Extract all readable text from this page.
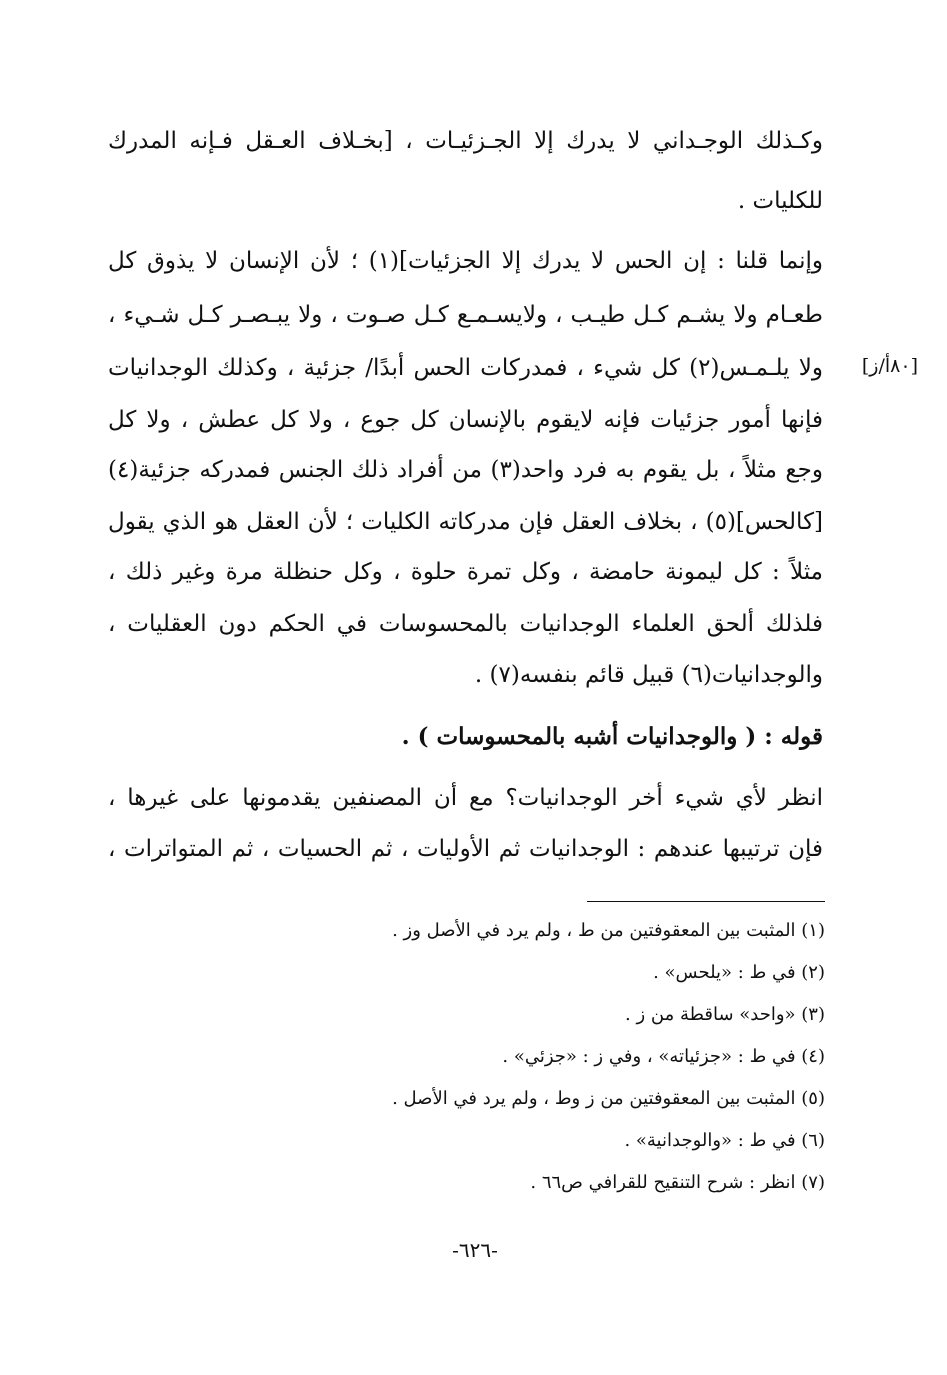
وكـذلك الوجـداني لا يدرك إلا الجـزئيـات ، [بخـلاف العـقل فـإنه المدرك
للكليات .
وإنما قلنا : إن الحس لا يدرك إلا الجزئيات](١) ؛ لأن الإنسان لا يذوق كل
طعـام ولا يشـم كـل طيـب ، ولايسـمـع كـل صـوت ، ولا يبـصـر كـل شـيء ،
ولا يلـمـس(٢) كل شيء ، فمدركات الحس أبدًا/ جزئية ، وكذلك الوجدانيات
فإنها أمور جزئيات فإنه لايقوم بالإنسان كل جوع ، ولا كل عطش ، ولا كل
وجع مثلاً ، بل يقوم به فرد واحد(٣) من أفراد ذلك الجنس فمدركه جزئية(٤)
[كالحس](٥) ، بخلاف العقل فإن مدركاته الكليات ؛ لأن العقل هو الذي يقول
مثلاً : كل ليمونة حامضة ، وكل تمرة حلوة ، وكل حنظلة مرة وغير ذلك ،
فلذلك ألحق العلماء الوجدانيات بالمحسوسات في الحكم دون العقليات ،
والوجدانيات(٦) قبيل قائم بنفسه(٧) .
قوله : ( والوجدانيات أشبه بالمحسوسات ) .
انظر لأي شيء أخر الوجدانيات؟ مع أن المصنفين يقدمونها على غيرها ،
فإن ترتيبها عندهم : الوجدانيات ثم الأوليات ، ثم الحسيات ، ثم المتواترات ،
[٨٠أ/ز]
(١) المثبت بين المعقوفتين من ط ، ولم يرد في الأصل وز .
(٢) في ط : «يلحس» .
(٣) «واحد» ساقطة من ز .
(٤) في ط : «جزئياته» ، وفي ز : «جزئي» .
(٥) المثبت بين المعقوفتين من ز وط ، ولم يرد في الأصل .
(٦) في ط : «والوجدانية» .
(٧) انظر : شرح التنقيح للقرافي ص٦٦ .
-٦٢٦-
